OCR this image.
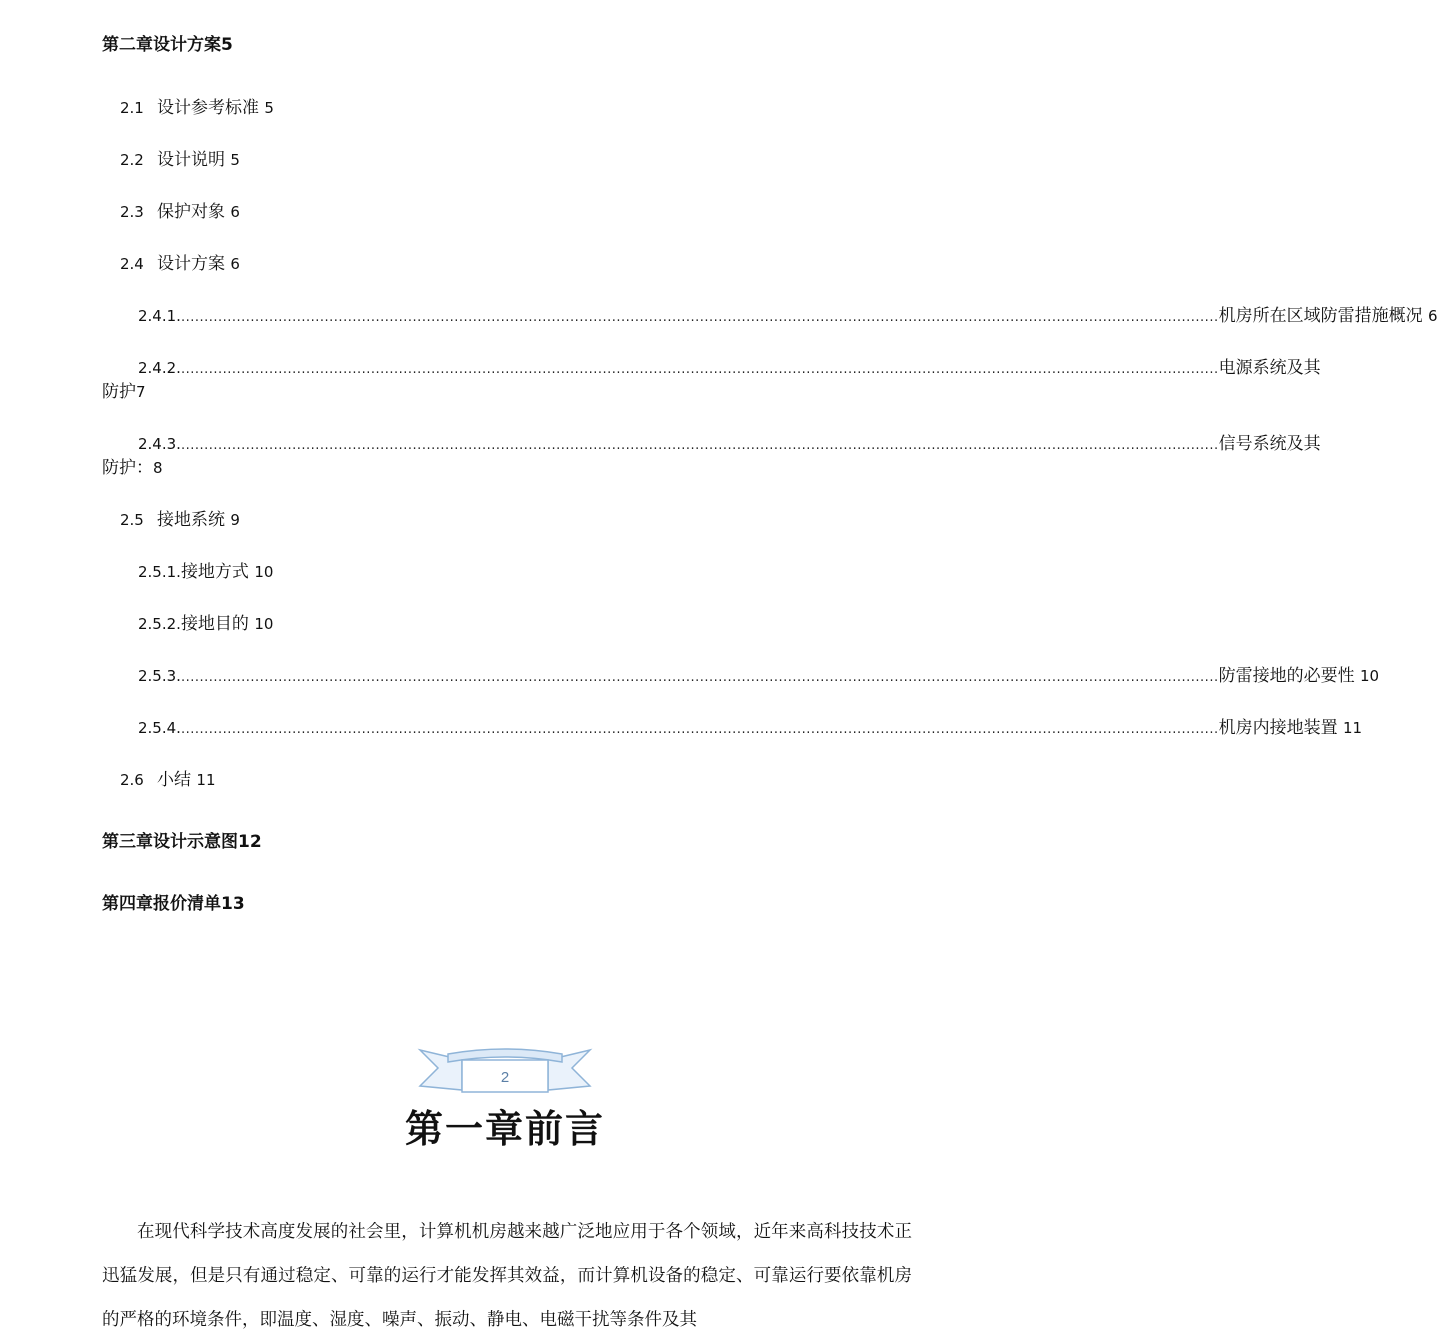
第二章设计方案5
2.1 设计参考标准 5
2.2 设计说明 5
2.3 保护对象 6
2.4 设计方案 6
2.4.1. ................................................................................................................................................................................................................................ 机房所在区域防雷措施概况
6
2.4.2. ................................................................................................................................................................................................................................ 电源系统及其
防护7
2.4.3. ................................................................................................................................................................................................................................ 信号系统及其
防护：8
2.5 接地系统 9
2.5.1.接地方式 10
2.5.2.接地目的 10
2.5.3. ................................................................................................................................................................................................................................ 防雷接地的必要性
10
2.5.4. ................................................................................................................................................................................................................................ 机房内接地装置
11
2.6 小结 11
第三章设计示意图12
第四章报价清单13
2
第一章前言
在现代科学技术高度发展的社会里，计算机机房越来越广泛地应用于各个领域，近年来高科技技术正迅猛发展，但是只有通过稳定、可靠的运行才能发挥其效益，而计算机设备的稳定、可靠运行要依靠机房的严格的环境条件，即温度、湿度、噪声、振动、静电、电磁干扰等条件及其
